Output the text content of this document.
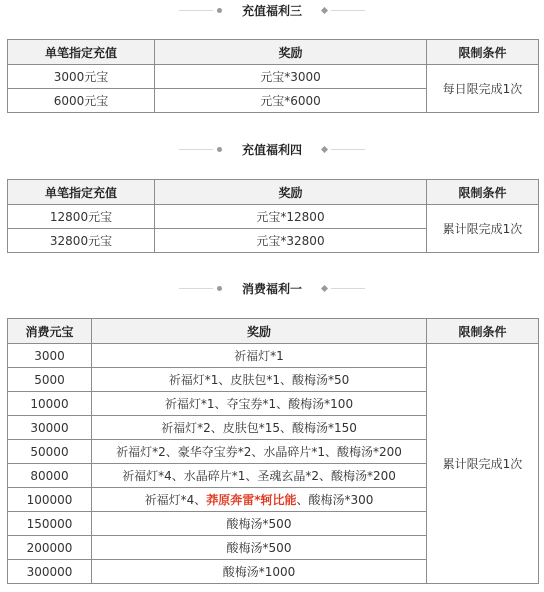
充值福利三
单笔指定充值	奖励	限制条件
3000元宝	元宝*3000	每日限完成1次
6000元宝	元宝*6000	
充值福利四
单笔指定充值	奖励	限制条件
12800元宝	元宝*12800	累计限完成1次
32800元宝	元宝*32800	
消费福利一
消费元宝	奖励	限制条件
3000	祈福灯*1	累计限完成1次
5000	祈福灯*1、皮肤包*1、酸梅汤*50	
10000	祈福灯*1、夺宝券*1、酸梅汤*100	
30000	祈福灯*2、皮肤包*15、酸梅汤*150	
50000	祈福灯*2、豪华夺宝券*2、水晶碎片*1、酸梅汤*200	
80000	祈福灯*4、水晶碎片*1、圣魂玄晶*2、酸梅汤*200	
100000	祈福灯*4、莽原奔雷*轲比能、酸梅汤*300	
150000	酸梅汤*500	
200000	酸梅汤*500	
300000	酸梅汤*1000	
